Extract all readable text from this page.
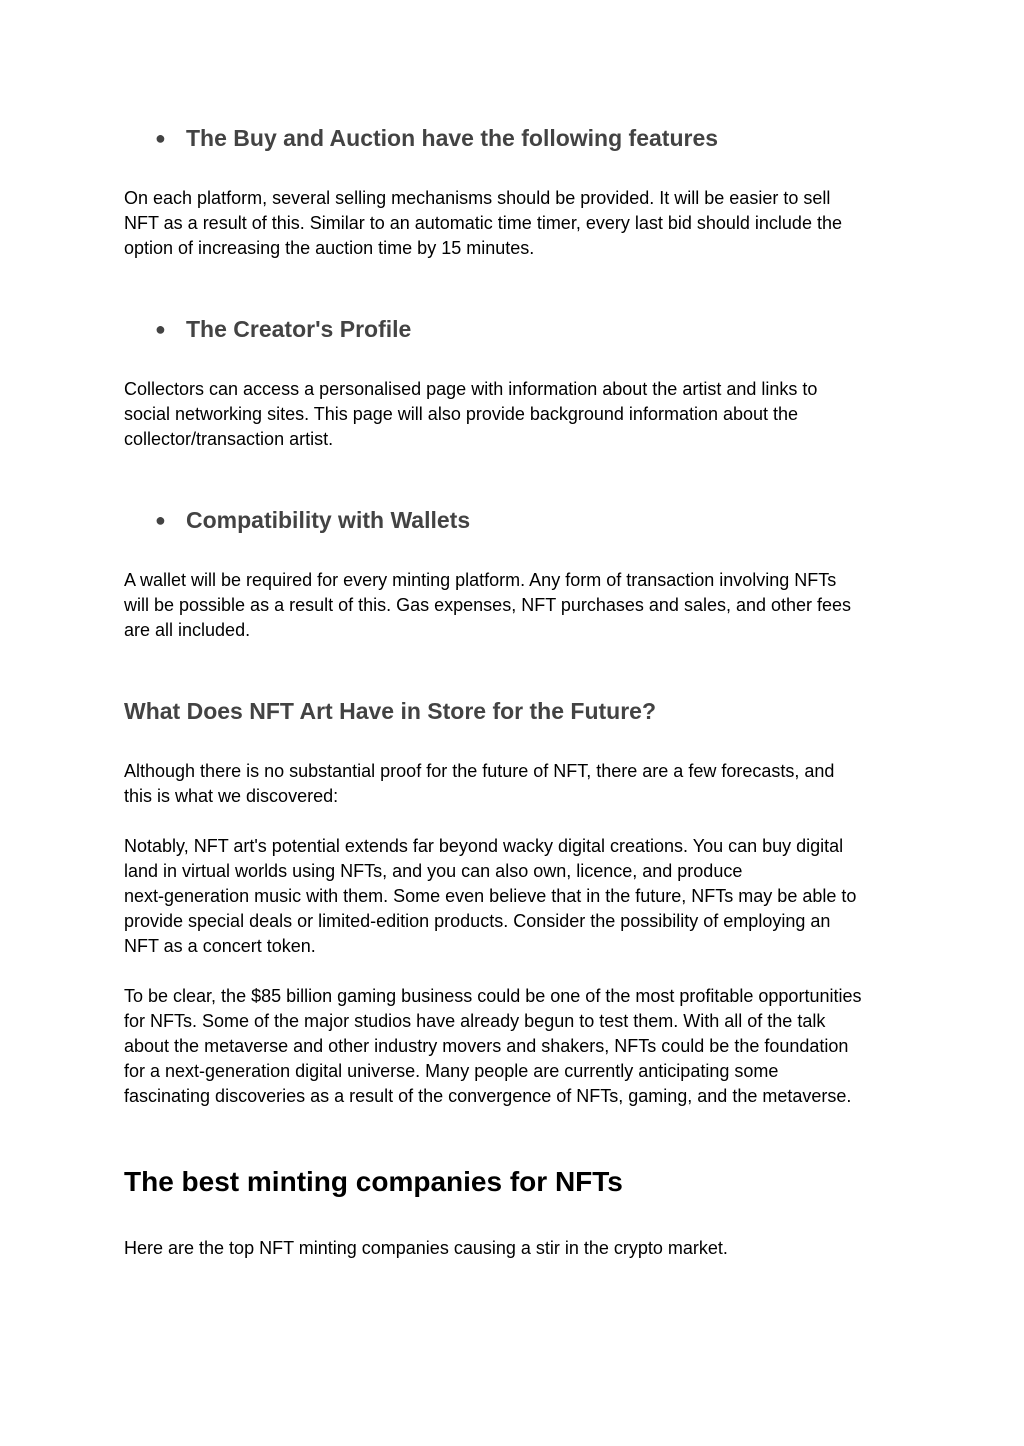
● The Buy and Auction have the following features
On each platform, several selling mechanisms should be provided. It will be easier to sell
NFT as a result of this. Similar to an automatic time timer, every last bid should include the
option of increasing the auction time by 15 minutes.
● The Creator's Profile
Collectors can access a personalised page with information about the artist and links to
social networking sites. This page will also provide background information about the
collector/transaction artist.
● Compatibility with Wallets
A wallet will be required for every minting platform. Any form of transaction involving NFTs
will be possible as a result of this. Gas expenses, NFT purchases and sales, and other fees
are all included.
What Does NFT Art Have in Store for the Future?
Although there is no substantial proof for the future of NFT, there are a few forecasts, and
this is what we discovered:
Notably, NFT art's potential extends far beyond wacky digital creations. You can buy digital
land in virtual worlds using NFTs, and you can also own, licence, and produce
next-generation music with them. Some even believe that in the future, NFTs may be able to
provide special deals or limited-edition products. Consider the possibility of employing an
NFT as a concert token.
To be clear, the $85 billion gaming business could be one of the most profitable opportunities
for NFTs. Some of the major studios have already begun to test them. With all of the talk
about the metaverse and other industry movers and shakers, NFTs could be the foundation
for a next-generation digital universe. Many people are currently anticipating some
fascinating discoveries as a result of the convergence of NFTs, gaming, and the metaverse.
The best minting companies for NFTs
Here are the top NFT minting companies causing a stir in the crypto market.
